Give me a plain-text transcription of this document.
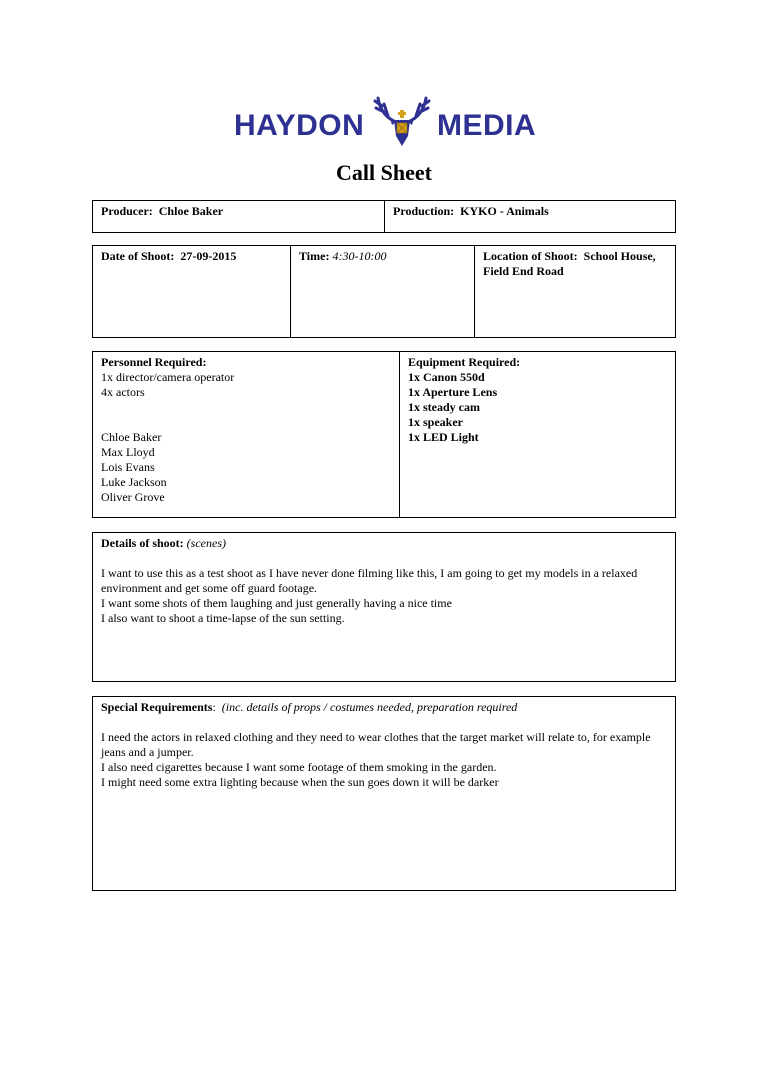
HAYDON MEDIA
Call Sheet
Producer: Chloe Baker	Production: KYKO - Animals
Date of Shoot: 27-09-2015	Time: 4:30-10:00	Location of Shoot: School House,
Field End Road
Personnel Required:
1x director/camera operator
4x actors
Chloe Baker
Max Lloyd
Lois Evans
Luke Jackson
Oliver Grove
Equipment Required:
1x Canon 550d
1x Aperture Lens
1x steady cam
1x speaker
1x LED Light
Details of shoot: (scenes)
I want to use this as a test shoot as I have never done filming like this, I am going to get my models in a relaxed environment and get some off guard footage.
I want some shots of them laughing and just generally having a nice time
I also want to shoot a time-lapse of the sun setting.
Special Requirements:  (inc. details of props / costumes needed, preparation required
I need the actors in relaxed clothing and they need to wear clothes that the target market will relate to, for example jeans and a jumper.
I also need cigarettes because I want some footage of them smoking in the garden.
I might need some extra lighting because when the sun goes down it will be darker
